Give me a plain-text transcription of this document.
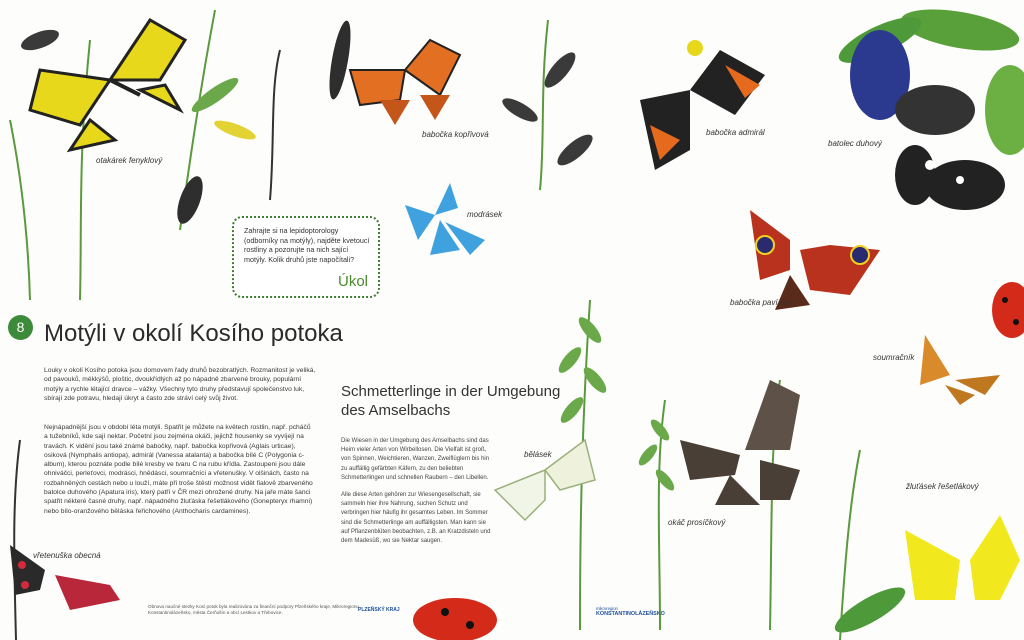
otakárek fenyklový
babočka kopřivová	babočka admirál
batolec duhový
modrásek
babočka paví oko
soumračník
bělásek
okáč prosíčkový
žluťásek řešetlákový
vřetenuška obecná
Zahrajte si na lepidoptorology (odborníky na motýly), najděte kvetoucí rostliny a pozorujte na nich sající motýly. Kolik druhů jste napočítali?
Úkol
8 Motýli v okolí Kosího potoka
Louky v okolí Kosího potoka jsou domovem řady druhů bezobratlých. Rozmanitost je veliká, od pavouků, měkkýšů, ploštic, dvoukřídlých až po nápadně zbarvené brouky, populární motýly a rychle létající dravce – vážky. Všechny tyto druhy představují společenstvo luk, sbírají zde potravu, hledají úkryt a často zde stráví celý svůj život.
Nejnápadnější jsou v období léta motýli. Spatřit je můžete na květech rostlin, např. pcháčů a tužebníků, kde sají nektar. Početní jsou zejména okáči, jejichž housenky se vyvíjejí na travách. K vidění jsou také známé babočky, např. babočka kopřivová (Aglais urticae), osiková (Nymphalis antiopa), admirál (Vanessa atalanta) a babočka bílé C (Polygonia c-album), kterou poznáte podle bílé kresby ve tvaru C na rubu křídla. Zastoupeni jsou dále ohniváčci, perleťovci, modrásci, hnědásci, soumračníci a vřetenušky. V olšinách, často na rozbahněných cestách nebo u louží, máte při troše štěstí možnost vidět fialově zbarveného batolce duhového (Apatura iris), který patří v ČR mezi ohrožené druhy. Na jaře máte šanci spatřit některé časné druhy, např. nápadného žluťáska řešetlákového (Gonepteryx rhamni) nebo bílo-oranžového běláska řeřichového (Anthocharis cardamines).
Schmetterlinge in der Umgebung des Amselbachs
Die Wiesen in der Umgebung des Amselbachs sind das Heim vieler Arten von Wirbellosen. Die Vielfalt ist groß, von Spinnen, Weichtieren, Wanzen, Zweiflüglern bis hin zu auffällig gefärbten Käfern, zu den beliebten Schmetterlingen und schnellen Raubern – den Libellen.
Alle diese Arten gehören zur Wiesengesellschaft, sie sammeln hier ihre Nahrung, suchen Schutz und verbringen hier häufig ihr gesamtes Leben. Im Sommer sind die Schmetterlinge am auffälligsten. Man kann sie auf Pflanzenblüten beobachten, z.B. an Kratzdisteln und dem Madesüß, wo sie Nektar saugen.
Obnova naučné stezky Kosí potok byla realizována za finanční podpory Plzeňského kraje, Mikroregionu Konstantinolázeňsko, města Čerňošín a obcí Lestkov a Třebovice.	PLZEŇSKÝ KRAJ	mikroregion
KONSTANTINOLÁZEŇSKO
